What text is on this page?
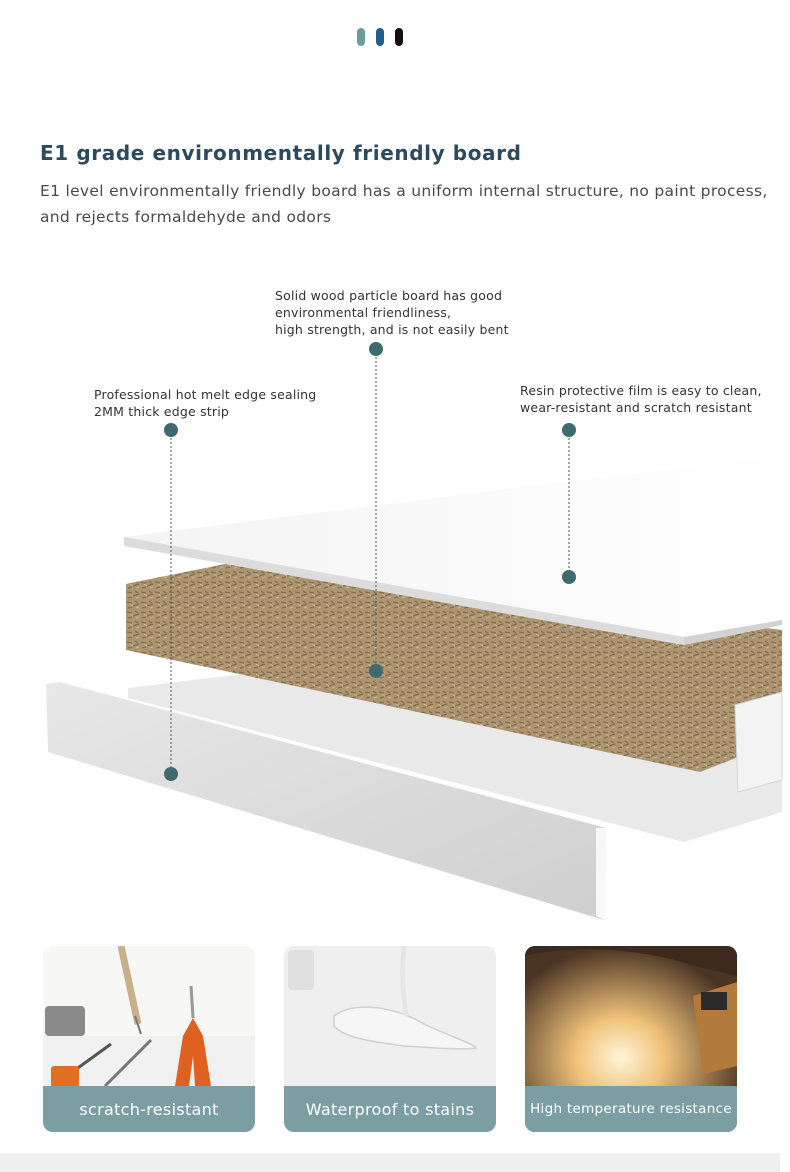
E1 grade environmentally friendly board
E1 level environmentally friendly board has a uniform internal structure, no paint process, and rejects formaldehyde and odors
Solid wood particle board has good
environmental friendliness,
high strength, and is not easily bent
Professional hot melt edge sealing
2MM thick edge strip
Resin protective film is easy to clean,
wear-resistant and scratch resistant
scratch-resistant	Waterproof to stains	High temperature resistance
